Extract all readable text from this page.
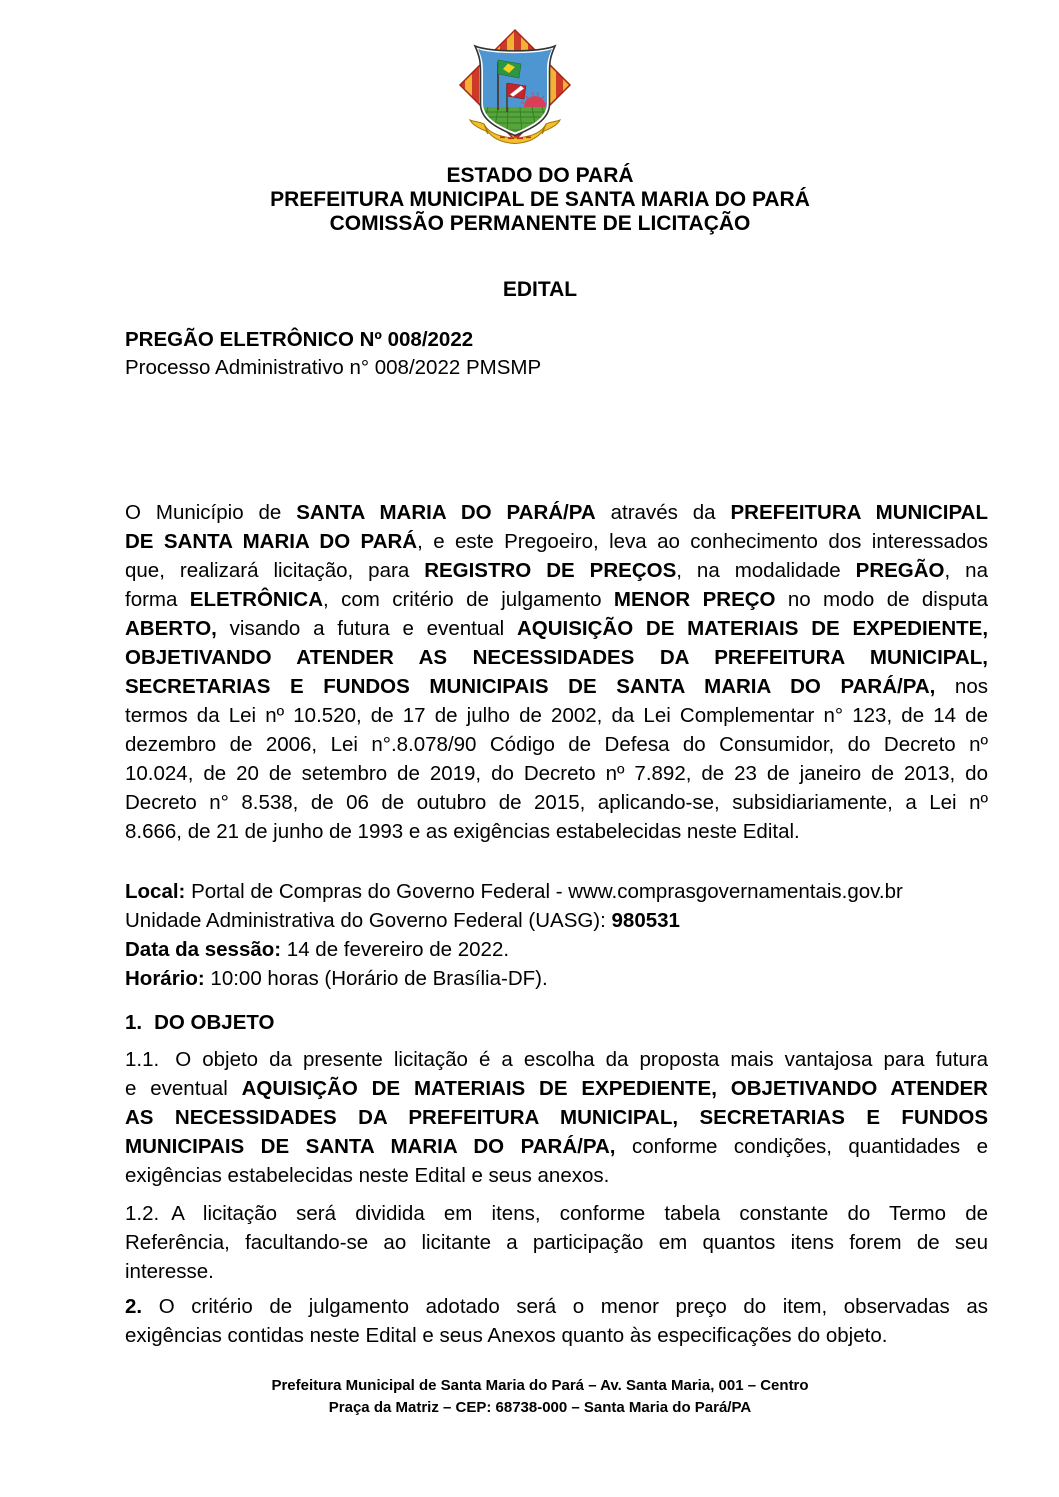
ESTADO DO PARÁ
PREFEITURA MUNICIPAL DE SANTA MARIA DO PARÁ
COMISSÃO PERMANENTE DE LICITAÇÃO
EDITAL
PREGÃO ELETRÔNICO Nº 008/2022
Processo Administrativo n° 008/2022 PMSMP
O Município de SANTA MARIA DO PARÁ/PA através da PREFEITURA MUNICIPAL
DE SANTA MARIA DO PARÁ, e este Pregoeiro, leva ao conhecimento dos interessados
que, realizará licitação, para REGISTRO DE PREÇOS, na modalidade PREGÃO, na
forma ELETRÔNICA, com critério de julgamento MENOR PREÇO no modo de disputa
ABERTO, visando a futura e eventual AQUISIÇÃO DE MATERIAIS DE EXPEDIENTE,
OBJETIVANDO ATENDER AS NECESSIDADES DA PREFEITURA MUNICIPAL,
SECRETARIAS E FUNDOS MUNICIPAIS DE SANTA MARIA DO PARÁ/PA, nos
termos da Lei nº 10.520, de 17 de julho de 2002, da Lei Complementar n° 123, de 14 de
dezembro de 2006, Lei n°.8.078/90 Código de Defesa do Consumidor, do Decreto nº
10.024, de 20 de setembro de 2019, do Decreto nº 7.892, de 23 de janeiro de 2013, do
Decreto n° 8.538, de 06 de outubro de 2015, aplicando-se, subsidiariamente, a Lei nº
8.666, de 21 de junho de 1993 e as exigências estabelecidas neste Edital.
Local: Portal de Compras do Governo Federal - www.comprasgovernamentais.gov.br
Unidade Administrativa do Governo Federal (UASG): 980531
Data da sessão: 14 de fevereiro de 2022.
Horário: 10:00 horas (Horário de Brasília-DF).
1. DO OBJETO
1.1. O objeto da presente licitação é a escolha da proposta mais vantajosa para futura
e eventual AQUISIÇÃO DE MATERIAIS DE EXPEDIENTE, OBJETIVANDO ATENDER
AS NECESSIDADES DA PREFEITURA MUNICIPAL, SECRETARIAS E FUNDOS
MUNICIPAIS DE SANTA MARIA DO PARÁ/PA, conforme condições, quantidades e
exigências estabelecidas neste Edital e seus anexos.
1.2. A licitação será dividida em itens, conforme tabela constante do Termo de
Referência, facultando-se ao licitante a participação em quantos itens forem de seu
interesse.
2. O critério de julgamento adotado será o menor preço do item, observadas as
exigências contidas neste Edital e seus Anexos quanto às especificações do objeto.
Prefeitura Municipal de Santa Maria do Pará – Av. Santa Maria, 001 – Centro
Praça da Matriz – CEP: 68738-000 – Santa Maria do Pará/PA
